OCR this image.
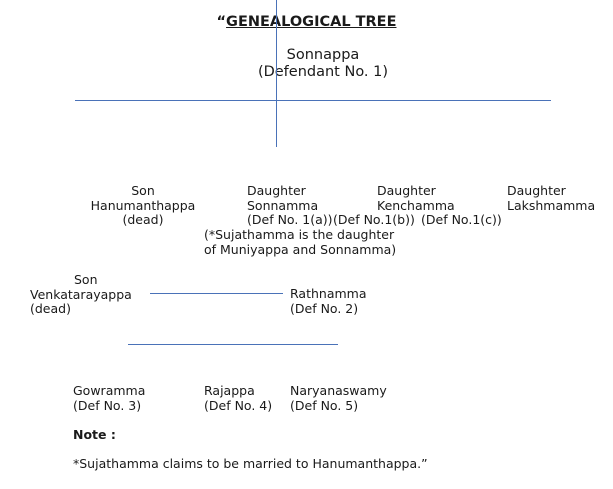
“GENEALOGICAL TREE
Sonnappa
(Defendant No. 1)
Son
Hanumanthappa
(dead)
Daughter
Sonnamma
(Def No. 1(a))
Daughter
Kenchamma
(Def No.1(b))
Daughter
Lakshmamma
(Def No.1(c))
(*Sujathamma is the daughter
of Muniyappa and Sonnamma)
Son
Venkatarayappa
(dead)
Rathnamma
(Def No. 2)
Gowramma
(Def No. 3)
Rajappa
(Def No. 4)
Naryanaswamy
(Def No. 5)
Note :
*Sujathamma claims to be married to Hanumanthappa.”
